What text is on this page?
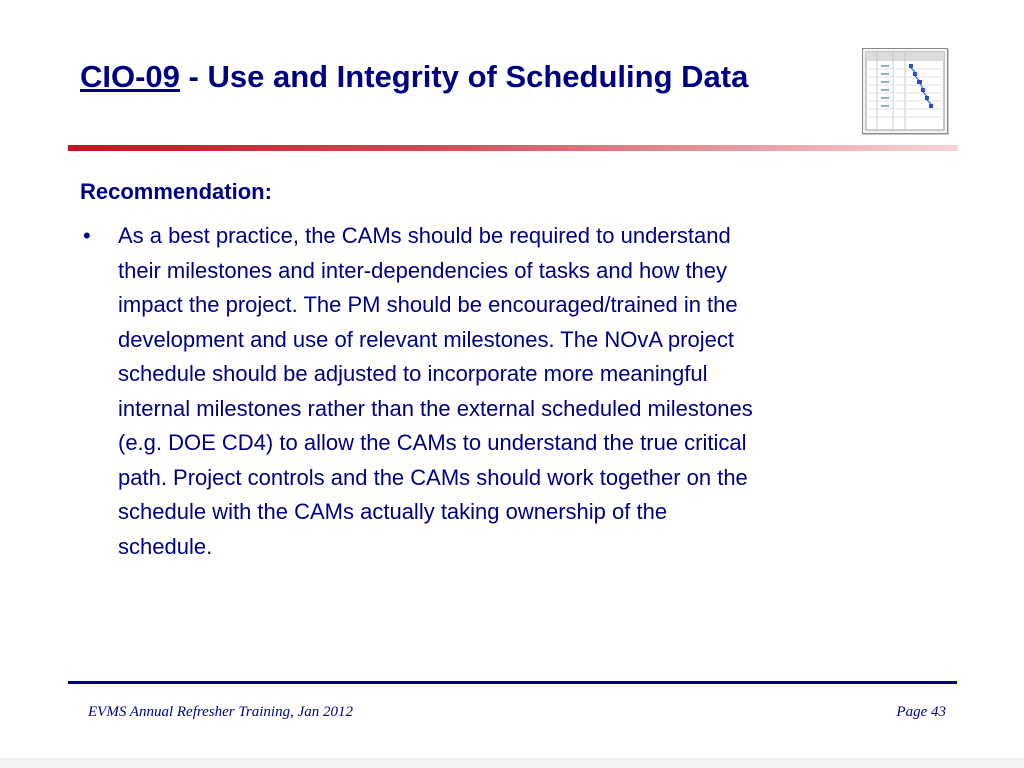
CIO-09 - Use and Integrity of Scheduling Data
Recommendation:
• As a best practice, the CAMs should be required to understand
their milestones and inter-dependencies of tasks and how they
impact the project. The PM should be encouraged/trained in the
development and use of relevant milestones. The NOvA project
schedule should be adjusted to incorporate more meaningful
internal milestones rather than the external scheduled milestones
(e.g. DOE CD4) to allow the CAMs to understand the true critical
path. Project controls and the CAMs should work together on the
schedule with the CAMs actually taking ownership of the
schedule.
EVMS Annual Refresher Training, Jan 2012	Page 43
